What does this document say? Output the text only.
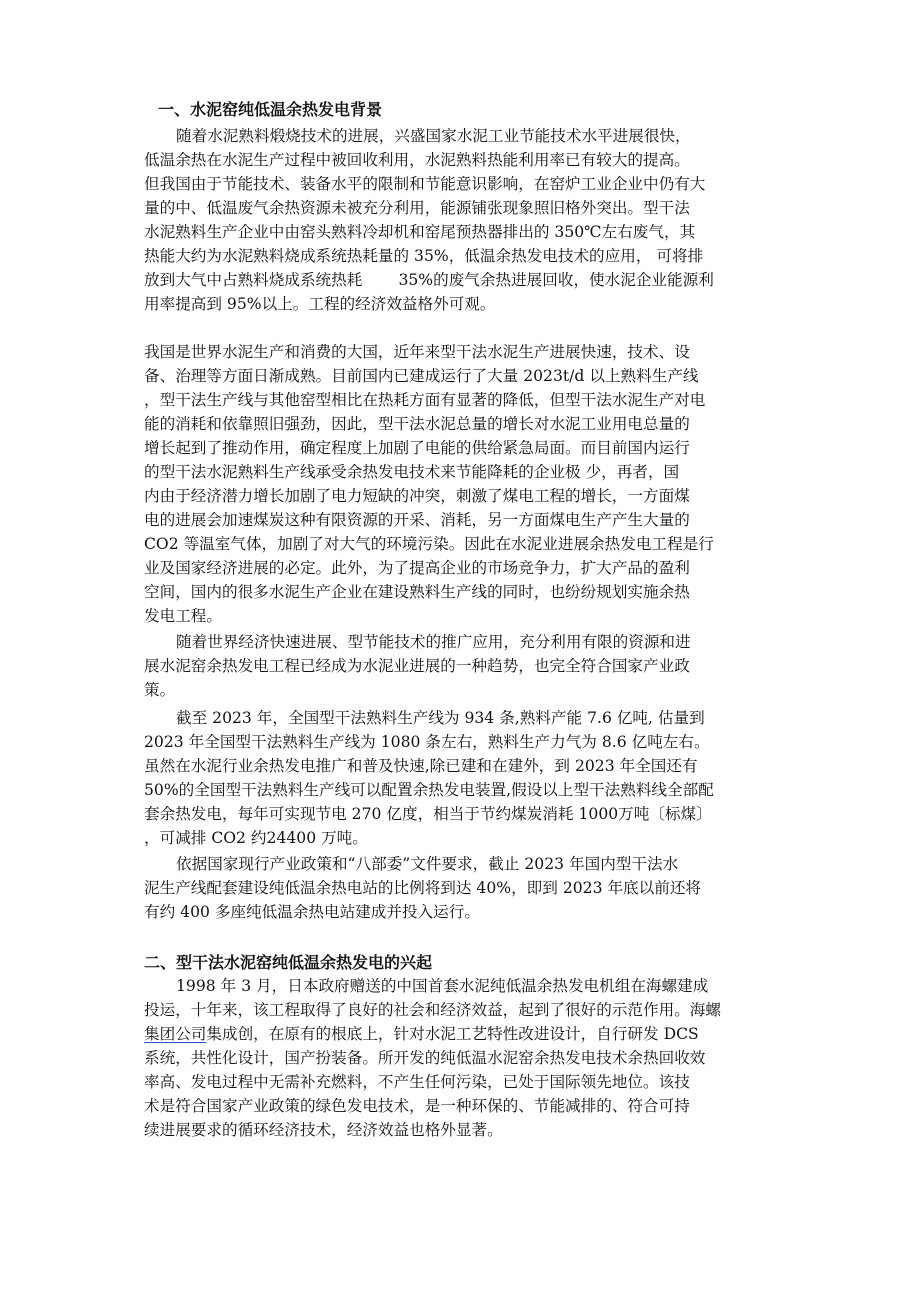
一、水泥窑纯低温余热发电背景
随着水泥熟料煅烧技术的进展，兴盛国家水泥工业节能技术水平进展很快，
低温余热在水泥生产过程中被回收利用，水泥熟料热能利用率已有较大的提高。
但我国由于节能技术、装备水平的限制和节能意识影响，在窑炉工业企业中仍有大
量的中、低温废气余热资源未被充分利用，能源铺张现象照旧格外突出。型干法
水泥熟料生产企业中由窑头熟料冷却机和窑尾预热器排出的 350℃左右废气，其
热能大约为水泥熟料烧成系统热耗量的 35%，低温余热发电技术的应用， 可将排
放到大气中占熟料烧成系统热耗 　　35%的废气余热进展回收，使水泥企业能源利
用率提高到 95%以上。工程的经济效益格外可观。
我国是世界水泥生产和消费的大国，近年来型干法水泥生产进展快速，技术、设
备、治理等方面日渐成熟。目前国内已建成运行了大量 2023t/d 以上熟料生产线
，型干法生产线与其他窑型相比在热耗方面有显著的降低，但型干法水泥生产对电
能的消耗和依靠照旧强劲，因此，型干法水泥总量的增长对水泥工业用电总量的
增长起到了推动作用，确定程度上加剧了电能的供给紧急局面。而目前国内运行
的型干法水泥熟料生产线承受余热发电技术来节能降耗的企业极 少，再者，国
内由于经济潜力增长加剧了电力短缺的冲突，刺激了煤电工程的增长，一方面煤
电的进展会加速煤炭这种有限资源的开采、消耗，另一方面煤电生产产生大量的
CO2 等温室气体，加剧了对大气的环境污染。因此在水泥业进展余热发电工程是行
业及国家经济进展的必定。此外，为了提高企业的市场竞争力，扩大产品的盈利
空间，国内的很多水泥生产企业在建设熟料生产线的同时，也纷纷规划实施余热
发电工程。
随着世界经济快速进展、型节能技术的推广应用，充分利用有限的资源和进
展水泥窑余热发电工程已经成为水泥业进展的一种趋势，也完全符合国家产业政
策。
截至 2023 年，全国型干法熟料生产线为 934 条,熟料产能 7.6 亿吨, 估量到
2023 年全国型干法熟料生产线为 1080 条左右，熟料生产力气为 8.6 亿吨左右。
虽然在水泥行业余热发电推广和普及快速,除已建和在建外，到 2023 年全国还有
50%的全国型干法熟料生产线可以配置余热发电装置,假设以上型干法熟料线全部配
套余热发电，每年可实现节电 270 亿度，相当于节约煤炭消耗 1000万吨〔标煤〕
，可减排 CO2 约24400 万吨。
依据国家现行产业政策和“八部委”文件要求，截止 2023 年国内型干法水
泥生产线配套建设纯低温余热电站的比例将到达 40%，即到 2023 年底以前还将
有约 400 多座纯低温余热电站建成并投入运行。
二、型干法水泥窑纯低温余热发电的兴起
1998 年 3 月，日本政府赠送的中国首套水泥纯低温余热发电机组在海螺建成
投运，十年来，该工程取得了良好的社会和经济效益，起到了很好的示范作用。海螺
集团公司集成创，在原有的根底上，针对水泥工艺特性改进设计，自行研发 DCS
系统，共性化设计，国产扮装备。所开发的纯低温水泥窑余热发电技术余热回收效
率高、发电过程中无需补充燃料，不产生任何污染，已处于国际领先地位。该技
术是符合国家产业政策的绿色发电技术，是一种环保的、节能减排的、符合可持
续进展要求的循环经济技术，经济效益也格外显著。
